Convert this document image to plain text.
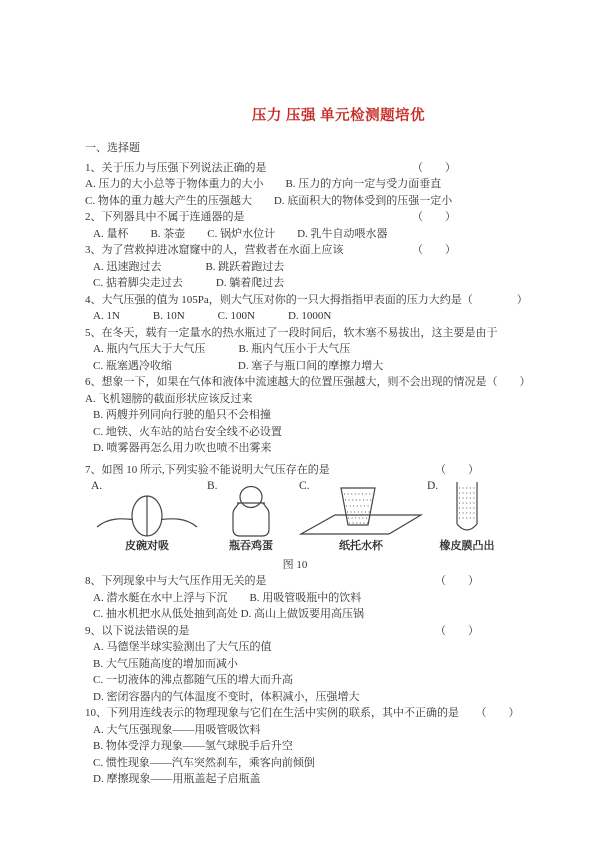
压力 压强 单元检测题培优
一、选择题
1、关于压力与压强下列说法正确的是	（　　）
A. 压力的大小总等于物体重力的大小　　B. 压力的方向一定与受力面垂直
C. 物体的重力越大产生的压强越大　　D. 底面积大的物体受到的压强一定小
2、下列器具中不属于连通器的是	（　　）
A. 量杯　　B. 茶壶　　C. 锅炉水位计　　D. 乳牛自动喂水器
3、为了营救掉进冰窟窿中的人，营救者在水面上应该	（　　）
A. 迅速跑过去　　　　B. 跳跃着跑过去
C. 掂着脚尖走过去　　　D. 躺着爬过去
4、大气压强的值为 105Pa，则大气压对你的一只大拇指指甲表面的压力大约是（　　　　）
A. 1N　　　B. 10N　　　C. 100N　　　D. 1000N
5、在冬天，载有一定量水的热水瓶过了一段时间后，软木塞不易拔出，这主要是由于
A. 瓶内气压大于大气压　　　B. 瓶内气压小于大气压
C. 瓶塞遇冷收缩　　　　　　D. 塞子与瓶口间的摩擦力增大
6、想象一下，如果在气体和液体中流速越大的位置压强越大，则不会出现的情况是（　　）
A. 飞机翅膀的截面形状应该反过来
B. 两艘并列同向行驶的船只不会相撞
C. 地铁、火车站的站台安全线不必设置
D. 喷雾器再怎么用力吹也喷不出雾来
7、如图 10 所示,下列实验不能说明大气压存在的是	（　　）
A.
皮碗对吸
B.
瓶吞鸡蛋
C.
纸托水杯
D.
橡皮膜凸出
图 10
8、下列现象中与大气压作用无关的是	（　　）
A. 潜水艇在水中上浮与下沉　　B. 用吸管吸瓶中的饮料
C. 抽水机把水从低处抽到高处 D. 高山上做饭要用高压锅
9、以下说法错误的是	（　　）
A. 马德堡半球实验测出了大气压的值
B. 大气压随高度的增加而减小
C. 一切液体的沸点都随气压的增大而升高
D. 密闭容器内的气体温度不变时，体积减小，压强增大
10、下列用连线表示的物理现象与它们在生活中实例的联系，其中不正确的是　　（　　）
A. 大气压强现象——用吸管吸饮料
B. 物体受浮力现象——氢气球脱手后升空
C. 惯性现象——汽车突然刹车，乘客向前倾倒
D. 摩擦现象——用瓶盖起子启瓶盖
